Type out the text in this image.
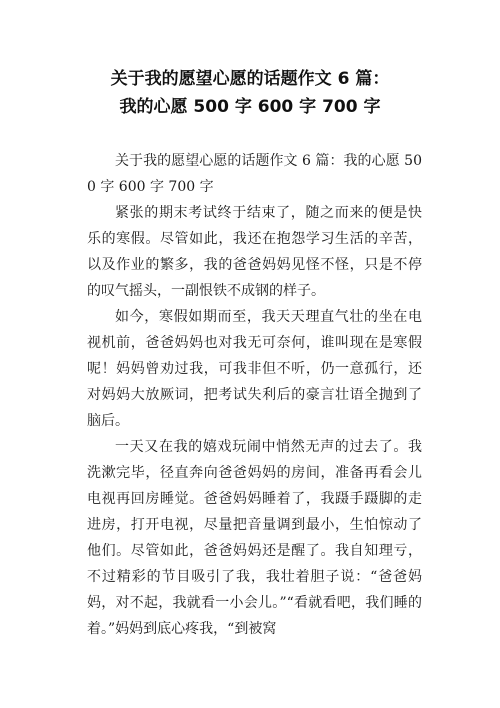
关于我的愿望心愿的话题作文 6 篇：
我的心愿 500 字 600 字 700 字

关于我的愿望心愿的话题作文 6 篇：我的心愿 500 字 600 字 700 字

紧张的期末考试终于结束了，随之而来的便是快乐的寒假。尽管如此，我还在抱怨学习生活的辛苦，以及作业的繁多，我的爸爸妈妈见怪不怪，只是不停的叹气摇头，一副恨铁不成钢的样子。

如今，寒假如期而至，我天天理直气壮的坐在电视机前，爸爸妈妈也对我无可奈何，谁叫现在是寒假呢！妈妈曾劝过我，可我非但不听，仍一意孤行，还对妈妈大放厥词，把考试失利后的豪言壮语全抛到了脑后。

一天又在我的嬉戏玩闹中悄然无声的过去了。我洗漱完毕，径直奔向爸爸妈妈的房间，准备再看会儿电视再回房睡觉。爸爸妈妈睡着了，我蹑手蹑脚的走进房，打开电视，尽量把音量调到最小，生怕惊动了他们。尽管如此，爸爸妈妈还是醒了。我自知理亏，不过精彩的节目吸引了我，我壮着胆子说：“爸爸妈妈，对不起，我就看一小会儿。”“看就看吧，我们睡的着。”妈妈到底心疼我，“到被窝
